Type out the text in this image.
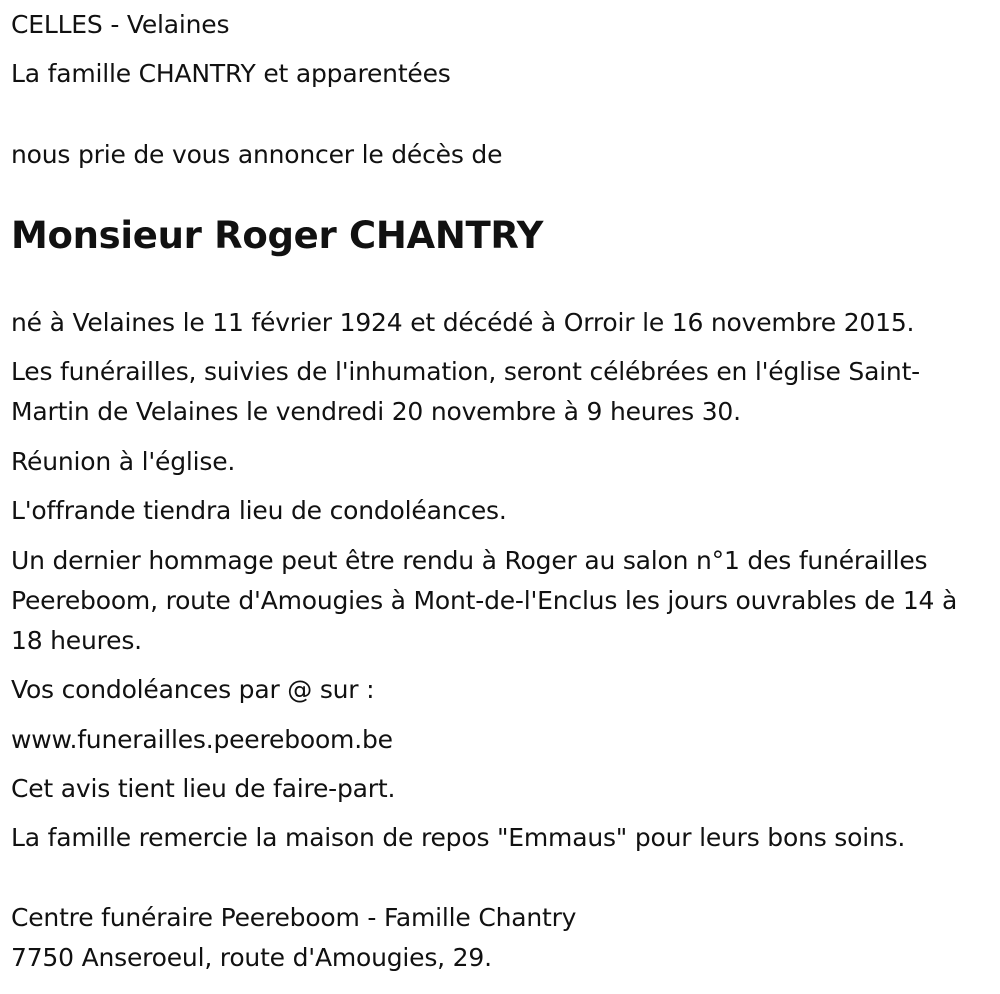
CELLES - Velaines
La famille CHANTRY et apparentées
nous prie de vous annoncer le décès de
Monsieur Roger CHANTRY
né à Velaines le 11 février 1924 et décédé à Orroir le 16 novembre 2015.
Les funérailles, suivies de l'inhumation, seront célébrées en l'église Saint-Martin de Velaines le vendredi 20 novembre à 9 heures 30.
Réunion à l'église.
L'offrande tiendra lieu de condoléances.
Un dernier hommage peut être rendu à Roger au salon n°1 des funérailles Peereboom, route d'Amougies à Mont-de-l'Enclus les jours ouvrables de 14 à 18 heures.
Vos condoléances par @ sur :
www.funerailles.peereboom.be
Cet avis tient lieu de faire-part.
La famille remercie la maison de repos "Emmaus" pour leurs bons soins.
Centre funéraire Peereboom - Famille Chantry
7750 Anseroeul, route d'Amougies, 29.
